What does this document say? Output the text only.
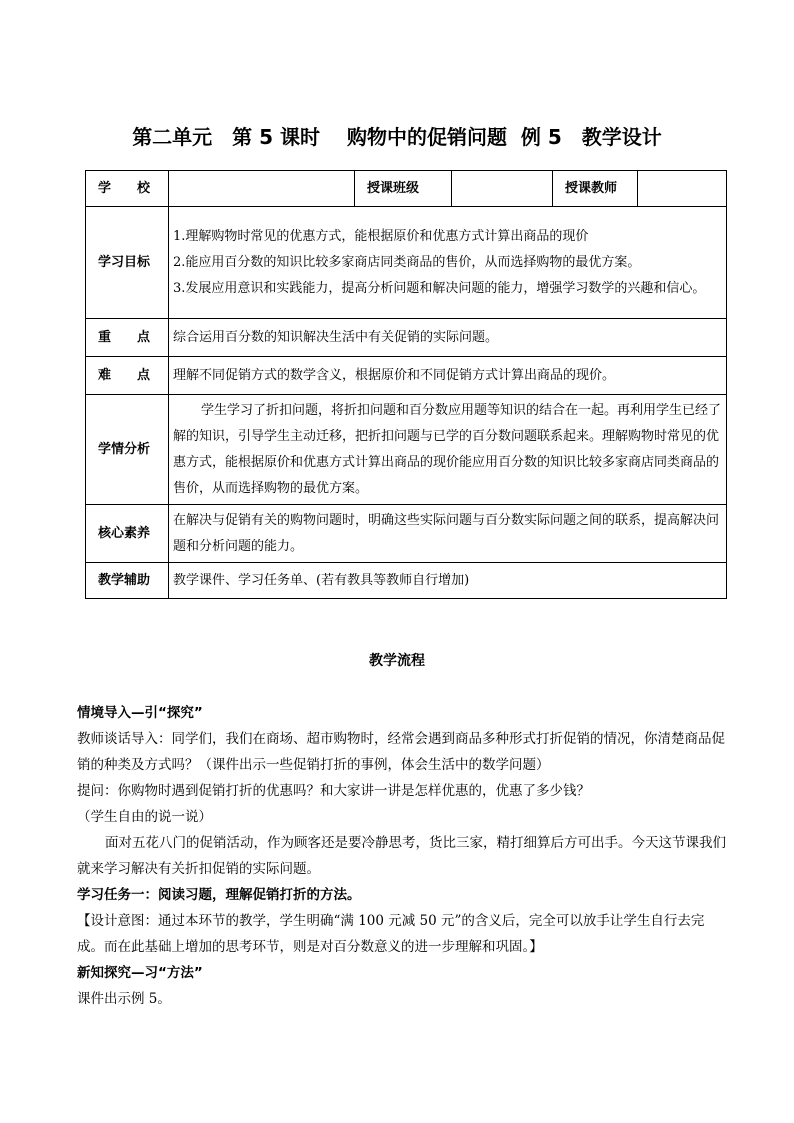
第二单元　第 5 课时　 购物中的促销问题  例 5　教学设计
学　　校		授课班级		授课教师	
学习目标	1.理解购物时常见的优惠方式，能根据原价和优惠方式计算出商品的现价
2.能应用百分数的知识比较多家商店同类商品的售价，从而选择购物的最优方案。
3.发展应用意识和实践能力，提高分析问题和解决问题的能力，增强学习数学的兴趣和信心。				

重　　点	综合运用百分数的知识解决生活中有关促销的实际问题。				
难　　点	理解不同促销方式的数学含义，根据原价和不同促销方式计算出商品的现价。				
学情分析	学生学习了折扣问题，将折扣问题和百分数应用题等知识的结合在一起。再利用学生已经了解的知识，引导学生主动迁移，把折扣问题与已学的百分数问题联系起来。理解购物时常见的优惠方式，能根据原价和优惠方式计算出商品的现价能应用百分数的知识比较多家商店同类商品的售价，从而选择购物的最优方案。				
核心素养	在解决与促销有关的购物问题时，明确这些实际问题与百分数实际问题之间的联系，提高解决问题和分析问题的能力。				
教学辅助	教学课件、学习任务单、(若有教具等教师自行增加)				
教学流程

情境导入—引“探究”

教师谈话导入：同学们，我们在商场、超市购物时，经常会遇到商品多种形式打折促销的情况，你清楚商品促销的种类及方式吗？（课件出示一些促销打折的事例，体会生活中的数学问题）

提问：你购物时遇到促销打折的优惠吗？和大家讲一讲是怎样优惠的，优惠了多少钱？

（学生自由的说一说）

面对五花八门的促销活动，作为顾客还是要冷静思考，货比三家，精打细算后方可出手。今天这节课我们就来学习解决有关折扣促销的实际问题。

学习任务一：阅读习题，理解促销打折的方法。

【设计意图：通过本环节的教学，学生明确“满 100 元减 50 元”的含义后，完全可以放手让学生自行去完成。而在此基础上增加的思考环节，则是对百分数意义的进一步理解和巩固。】

新知探究—习“方法”

课件出示例 5。
